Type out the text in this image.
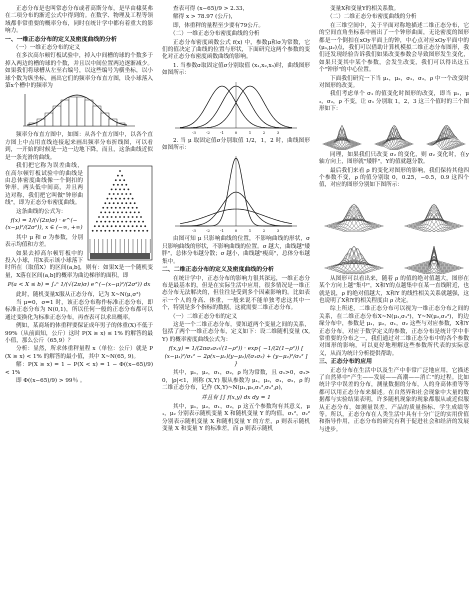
正态分布是也叫常态分布或者高斯分布，是早由棣莫弗在二项分布的渐近公式中得到的。在数学、物理及工程等领域都非常重要的概率分布，同时在统计学中都有着重大的影响力。

一、一维正态分布的定义及密度曲线的分析
（一）一维正态分布的定义

在多次高尔顿钉板试验中，掉入中间槽的球的个数多于掉入两边的槽的球的个数，并且以中间位置两边逐渐减少。如果我们将球槽从左至右编号，以这些编号为横坐标，以小球个数为纵坐标，画出它们的频率分布直方图，设小球落入第x个槽中的频率为

频率分布直方图中，如图：从各个直方图中，以各个直方图上中点用直线连接起来画出频率分布折线图，可以看到，一开始的时候是一边一边地下降，而且，这条曲线近似是一条光滑的曲线。

我们把它称为误差曲线，在高尔顿钉板试验中的曲线是由总体密度曲线像一个倒扣的钟形，两头低中间高，并且两边对称，我们把它叫做"钟形曲线"，即为正态分布密度曲线。

这条曲线的公式为：

f(x) = 1/(√(2π)σ) · e^(−(x−μ)²/(2σ²)), x ∈ (−∞, +∞)

其中 μ 和 σ 为参数，分别表示均值和方差。

如果去掉高尔顿钉板中的投入小球，用X表示该小球落下时所在（取值X）的区间(a,b]，则有：如果X是一个随机变量，X落在区间(a,b]的概率为曲边梯形的面积，即

P(a < X ≤ b) = ∫ₐᵇ 1/(√(2π)σ) e^(−(x−μ)²/(2σ²)) dx

此时，随机变量X服从正态分布，记为 X~N(μ,σ²)

当 μ=0，σ=1 时，该正态分布称作标准正态分布，即标准正态分布为 N(0,1)，所以任何一般的正态分布都可以通过变换化为标准正态分布，再查表可以求出概率。

例如，某商场的体重秤要保证成年男子的体重(X)不低于99%（从前面知，公斤）这时 P(X ≥ x) ≤ 1% 的解答的最小值，那么公斤（65,9）？

分析：显然，所求体重秤量程 x（单位：公斤）就是 P(X ≥ x) < 1% 的解答的最小值，其中 X~N(65, 9)。

解：P(X ≥ x) = 1 − P(X < x) = 1 − Φ((x−65)/9) < 1%

即 Φ((x−65)/9) > 99％ 。

查表可得 (x−65)/9 > 2.33，

解得 x > 78.97 (公斤)，

即，体重秤的量程至少要有79公斤。

（二）一维正态分布密度曲线的分析

正态分布密度函数公式 f(x) 中，参数μ和σ为常数，它们的值决定了曲线的位置与形状，下面研究这两个参数的变化对正态分布密度函数曲线的影响。

1. 当参数σ取固定值σ分别取值 (x₁,x₂,x₃)时，曲线图形如图所示：

-3	-2	-1	0	1	2	3

2. 当 μ 取固定值σ分别取值 1/2，1，2 时，曲线图形如图所示：

-3	-2	-1	0	1	2	3

由图可知 μ 只影响曲线的位置，不影响曲线的形状，σ 只影响曲线的形状，不影响曲线的位置。σ 越大，曲线越"矮胖"，总体分布越分散；σ 越小，曲线越"瘦高"，总体分布越集中。

二、二维正态分布的定义及密度曲线的分析

在统计学中，正态分布的影响力很其深远，一维正态分布是最基本的，但是在实际生活中应用，很多情况是一维正态分布无法解决的，但往往是受到多个因素影响的。比如表示一个人的身高、体重，一般来说不能单独考虑这其中一个，特别是多个指标的数据，这就需要二维正态分布。

（一）二维正态分布的定义

这是一个二维正态分布，要知道两个变量之间的关系，包括了两个一维正态分布，定义如下：设二维随机变量 (X,Y) 的概率密度曲线公式为：

f(x,y) = 1/(2πσ₁σ₂√(1−ρ²)) · exp{ −1/(2(1−ρ²)) [ (x−μ₁)²/σ₁² − 2ρ(x−μ₁)(y−μ₂)/(σ₁σ₂) + (y−μ₂)²/σ₂² ] }

其中，μ₁，μ₂，σ₁，σ₂，ρ 均为常数，且 σ₁>0，σ₂>0，|ρ|<1，则称 (X,Y) 服从参数为 μ₁，μ₂，σ₁，σ₂，ρ 的二维正态分布，记作 (X,Y)~N(μ₁,μ₂,σ₁²,σ₂²,ρ)，

并且有 ∫∫ f(x,y) dx dy = 1

其中，μ₁，μ₂，σ₁，σ₂，ρ 这五个参数均有其意义，μ₁，μ₂ 分别表示随机变量 X 和随机变量 Y 的均值，σ₁²，σ₂² 分别表示随机变量 X 和随机变量 Y 的方差，ρ 则表示随机变量 X 和变量 Y 的标准差，而 ρ 则表示随机

变量X和变量Y的相关系数。

（二）二维正态分布密度曲线的分析

在三维空间中，关于平面对称地描述二维正态分布，它的空间直角坐标系中画出了一个钟形曲面，无论密度的图形都是一个倒扣在xOy平面上的钟，中心点对应xOy平面中的(μ₁,μ₂)点，我们可以借助计算机模拟二维正态分布图形，我们还发现经验告诉我们如果改变参数会导致图形发生变化，如果只变其中某个参数，会发生改变，我们可以得出这五个"钟形"的中心位置。

下面我们研究一下当 μ₁，μ₂，σ₁，σ₂，ρ 中一个改变时对图形的改变。

我们考虑单个 σ₁ 的值变化时图形的改变，即当 μ₁，μ₂，σ₂，ρ 不变，让 σ₁ 分别取 1，2，3 这三个值时的三个图形如下：

同理，如果我们只改变 σ₂ 的变化，则 σ₂ 变化时，在y轴方向上，图形就"矮胖"，Y的值就越分散。

最后我们来看 ρ 的变化对图形的影响，我们保持其他四个参数不变，ρ 的值分别取 0，0.25，−0.5，0.9 这四个值，对应的图形分别如下图所示：

从图形可以看出来，随着 ρ 的值的绝对值越大，图形在某个方向上越"集中"，X和Y的点越集中在某一直线附近，也就是说，ρ 的绝对值越大，X和Y 的线性相关关系就越强，这也说明了X和Y的相关程度由 ρ 决定。

综上所述，二维正态分布可以视为一维正态分布之间的关系，在二维正态分布X~N(μ₁,σ₁²)，Y~N(μ₂,σ₂²)，的边缘分布中，参数是 μ₁，μ₂，σ₁，σ₂ 这些与对应参数，X和Y 正态分布，对应于数学定义的参数，正态分布是统计学中非常重要的分布之一，我们通过对二维正态分布中的各个参数对图形的影响，可以更好地理解这些参数所代表的实际意义，从而为统计分析提供帮助。

三、正态分布的应用

正态分布在生活中以及生产中非常广泛地应用，它描述了自然界中"产生——发展——高潮——消亡"的过程。比如统计学中误差的分布，测量数据的分布，人的身高体重等等都可以用正态分布来描述。在自然界和社会现象中大量的数据都与实验结果表明，许多随机现象的现象都服从或近似服从正态分布，如测量误差、产品的质量指标、学生成绩等等。所以，正态分布在人类生活中具有十分广泛的实用价值和指导作用，正态分布的研究有利于促进社会和经济的发展与进步。
